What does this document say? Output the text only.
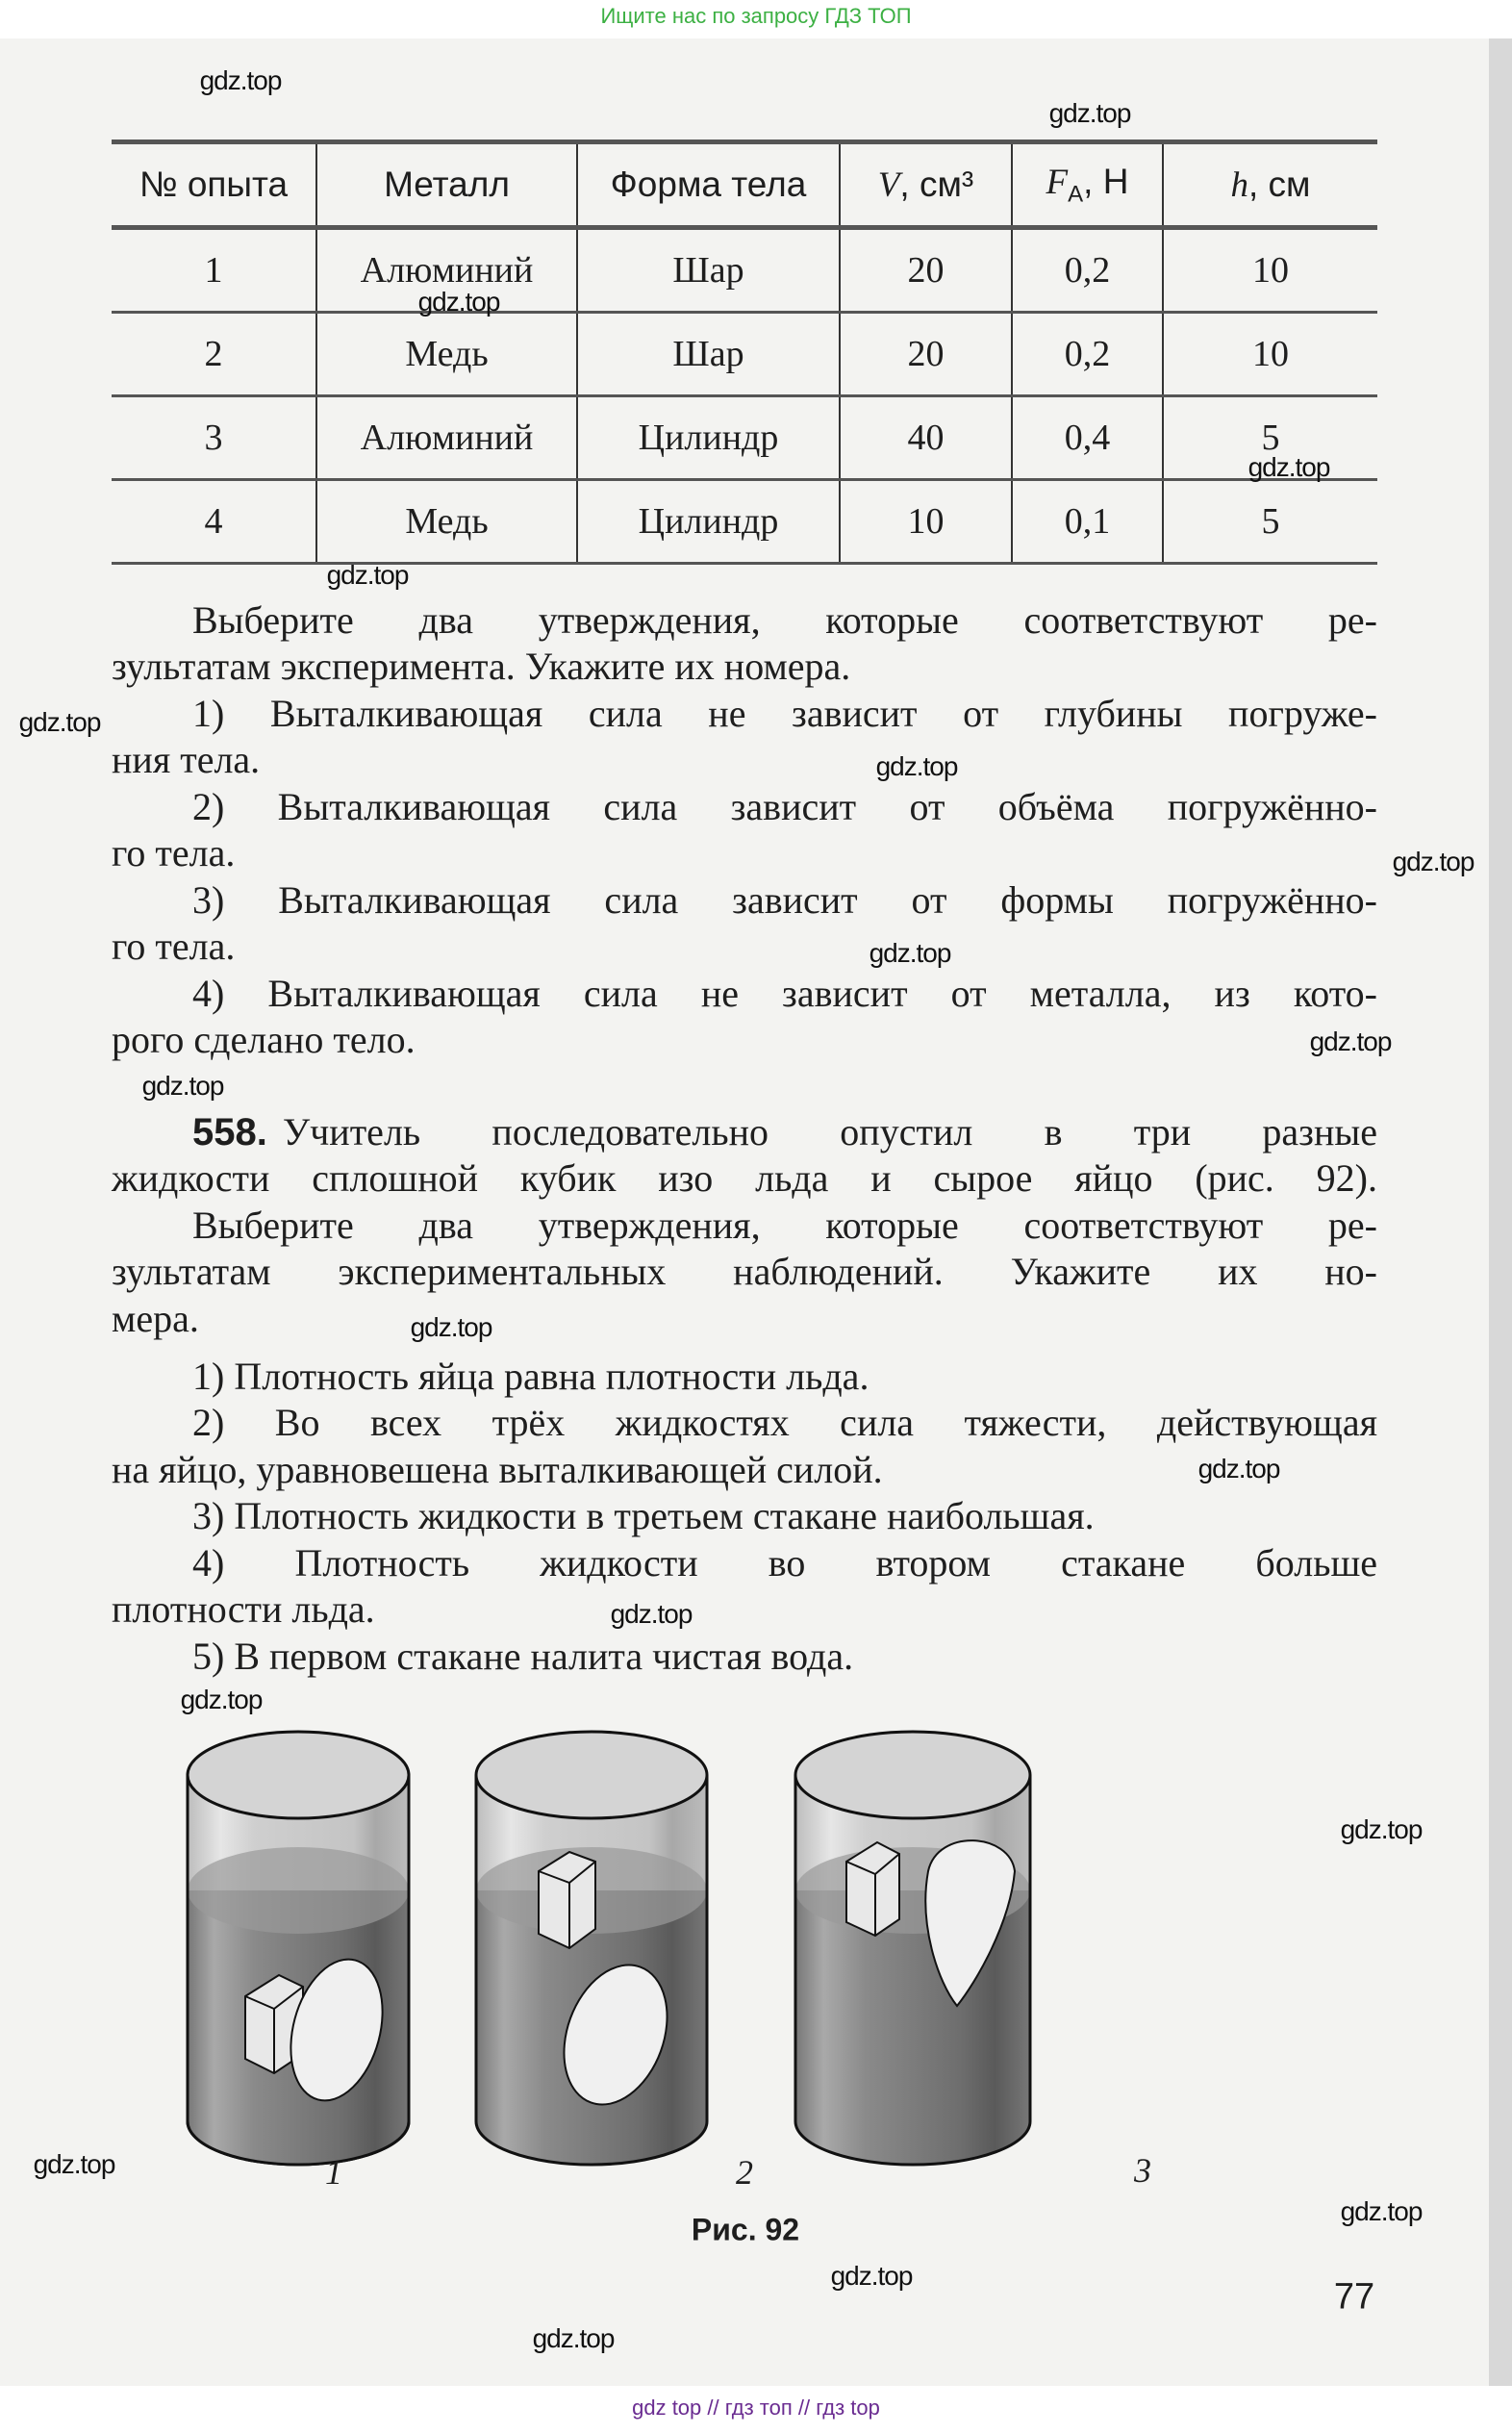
Ищите нас по запросу ГДЗ ТОП
№ опыта	Металл	Форма тела	V, см³	$F_А$, Н	h, см
1	Алюминий	Шар	20	0,2	10
2	Медь	Шар	20	0,2	10
3	Алюминий	Цилиндр	40	0,4	5
4	Медь	Цилиндр	10	0,1	5
Выберите два утверждения, которые соответствуют ре-
зультатам эксперимента. Укажите их номера.
1) Выталкивающая сила не зависит от глубины погруже-
ния тела.
2) Выталкивающая сила зависит от объёма погружённо-
го тела.
3) Выталкивающая сила зависит от формы погружённо-
го тела.
4) Выталкивающая сила не зависит от металла, из кото-
рого сделано тело.
558. Учитель последовательно опустил в три разные
жидкости сплошной кубик изо льда и сырое яйцо (рис. 92).
Выберите два утверждения, которые соответствуют ре-
зультатам экспериментальных наблюдений. Укажите их но-
мера.
1) Плотность яйца равна плотности льда.
2) Во всех трёх жидкостях сила тяжести, действующая
на яйцо, уравновешена выталкивающей силой.
3) Плотность жидкости в третьем стакане наибольшая.
4) Плотность жидкости во втором стакане больше
плотности льда.
5) В первом стакане налита чистая вода.
1	2	3
Рис. 92
77
gdz.top
gdz.top
gdz.top
gdz.top
gdz.top
gdz.top
gdz.top
gdz.top
gdz.top
gdz.top
gdz.top
gdz.top
gdz.top
gdz.top
gdz.top
gdz.top
gdz.top
gdz.top
gdz.top
gdz.top
gdz top // гдз топ // гдз top
